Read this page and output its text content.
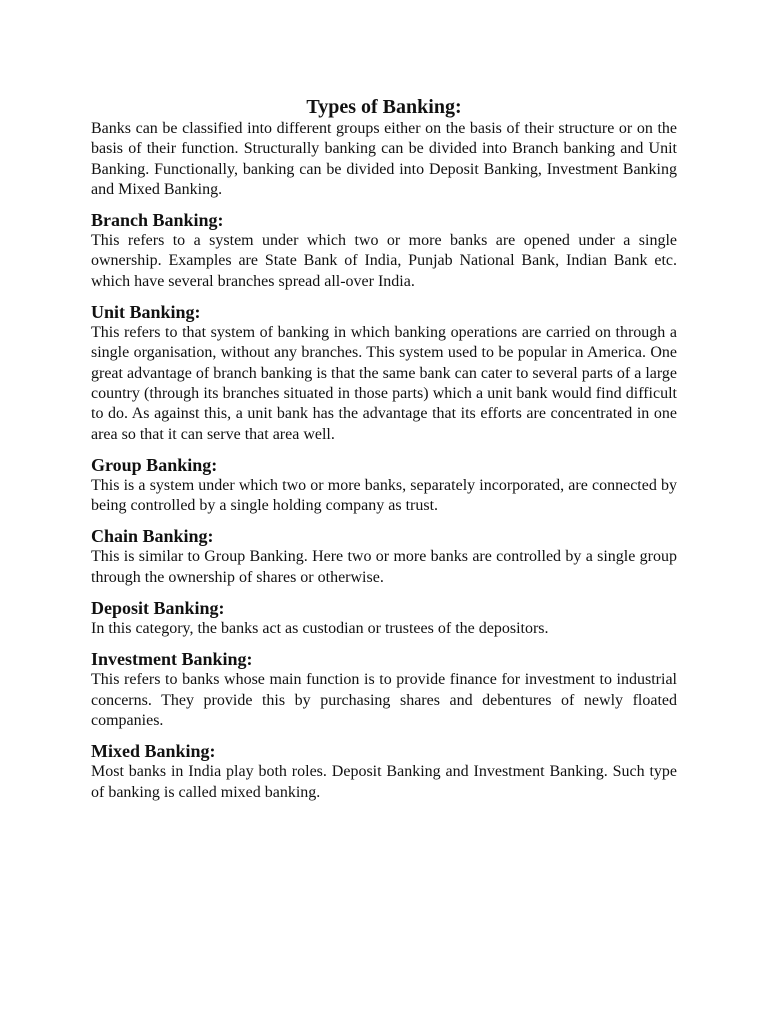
Types of Banking:

Banks can be classified into different groups either on the basis of their structure or on the basis of their function. Structurally banking can be divided into Branch banking and Unit Banking. Functionally, banking can be divided into Deposit Banking, Investment Banking and Mixed Banking.

Branch Banking:

This refers to a system under which two or more banks are opened under a single ownership. Examples are State Bank of India, Punjab National Bank, Indian Bank etc. which have several branches spread all-over India.

Unit Banking:

This refers to that system of banking in which banking operations are carried on through a single organisation, without any branches. This system used to be popular in America. One great advantage of branch banking is that the same bank can cater to several parts of a large country (through its branches situated in those parts) which a unit bank would find difficult to do. As against this, a unit bank has the advantage that its efforts are concentrated in one area so that it can serve that area well.

Group Banking:

This is a system under which two or more banks, separately incorporated, are connected by being controlled by a single holding company as trust.

Chain Banking:

This is similar to Group Banking. Here two or more banks are controlled by a single group through the ownership of shares or otherwise.

Deposit Banking:

In this category, the banks act as custodian or trustees of the depositors.

Investment Banking:

This refers to banks whose main function is to provide finance for investment to industrial concerns. They provide this by purchasing shares and debentures of newly floated companies.

Mixed Banking:

Most banks in India play both roles. Deposit Banking and Investment Banking. Such type of banking is called mixed banking.
